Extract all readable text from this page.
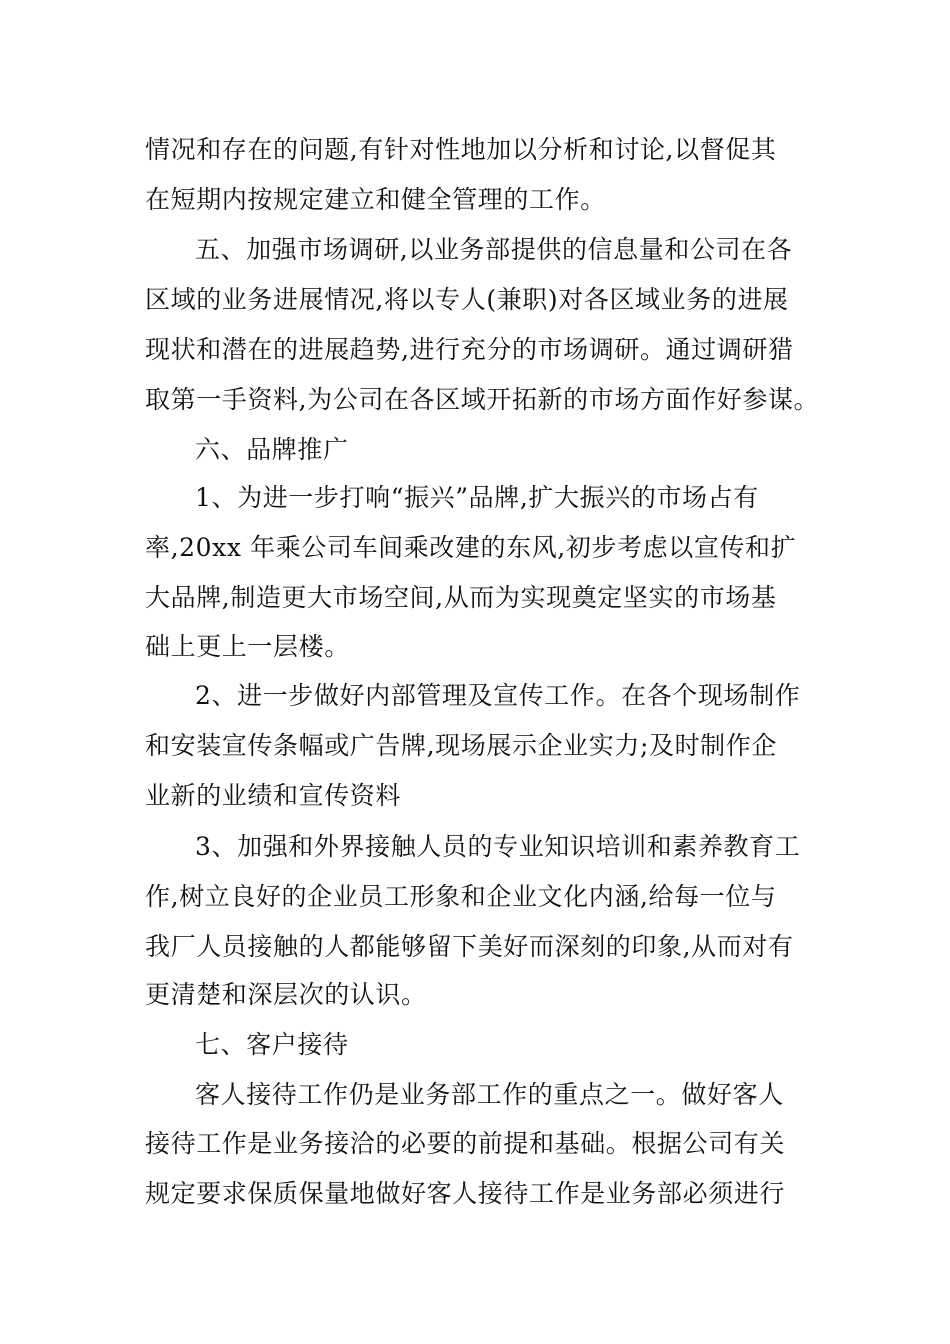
情况和存在的问题,有针对性地加以分析和讨论,以督促其
在短期内按规定建立和健全管理的工作。
五、加强市场调研,以业务部提供的信息量和公司在各
区域的业务进展情况,将以专人(兼职)对各区域业务的进展
现状和潜在的进展趋势,进行充分的市场调研。通过调研猎
取第一手资料,为公司在各区域开拓新的市场方面作好参谋。
六、品牌推广
1、为进一步打响“振兴”品牌,扩大振兴的市场占有
率,20xx 年乘公司车间乘改建的东风,初步考虑以宣传和扩
大品牌,制造更大市场空间,从而为实现奠定坚实的市场基
础上更上一层楼。
2、进一步做好内部管理及宣传工作。在各个现场制作
和安装宣传条幅或广告牌,现场展示企业实力;及时制作企
业新的业绩和宣传资料
3、加强和外界接触人员的专业知识培训和素养教育工
作,树立良好的企业员工形象和企业文化内涵,给每一位与
我厂人员接触的人都能够留下美好而深刻的印象,从而对有
更清楚和深层次的认识。
七、客户接待
客人接待工作仍是业务部工作的重点之一。做好客人
接待工作是业务接洽的必要的前提和基础。根据公司有关
规定要求保质保量地做好客人接待工作是业务部必须进行
